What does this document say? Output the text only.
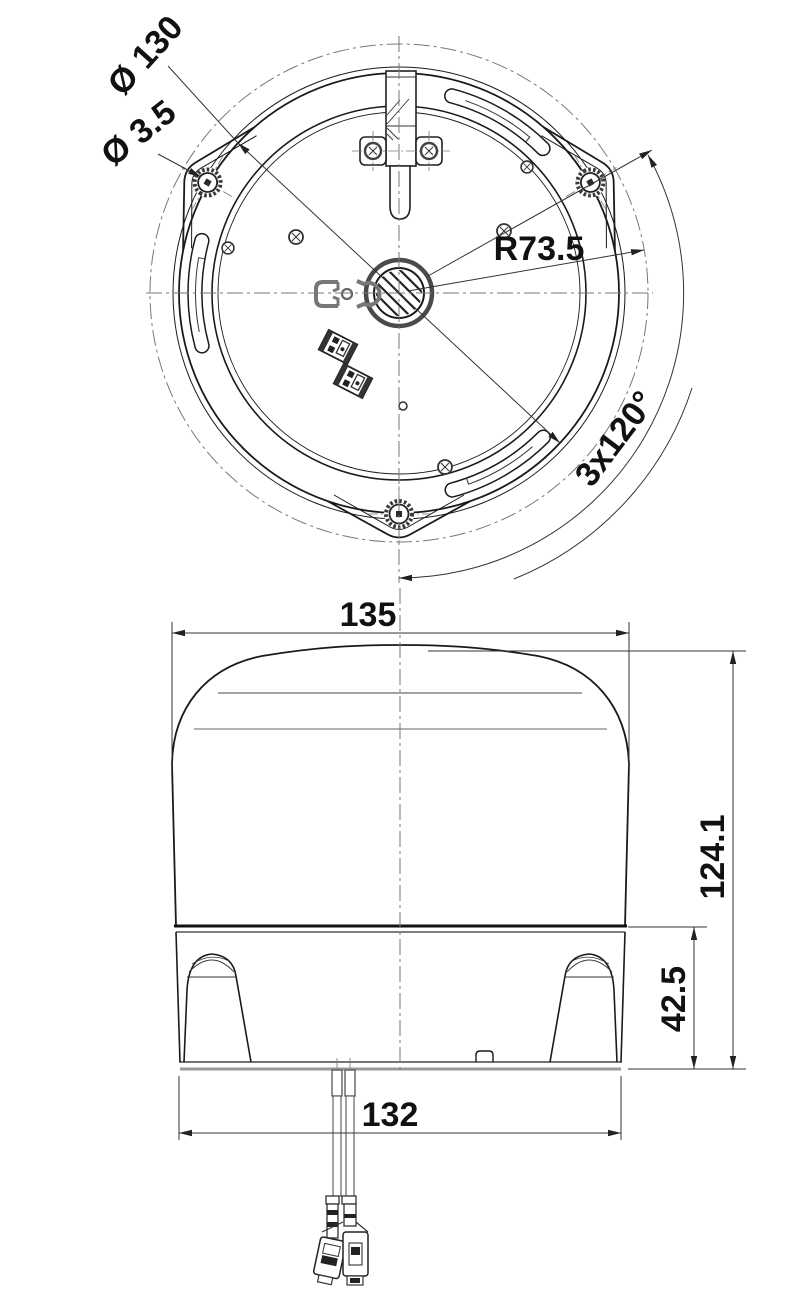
Ø 130
Ø 3.5
R73.5
3x120°
135
124.1
42.5
132
